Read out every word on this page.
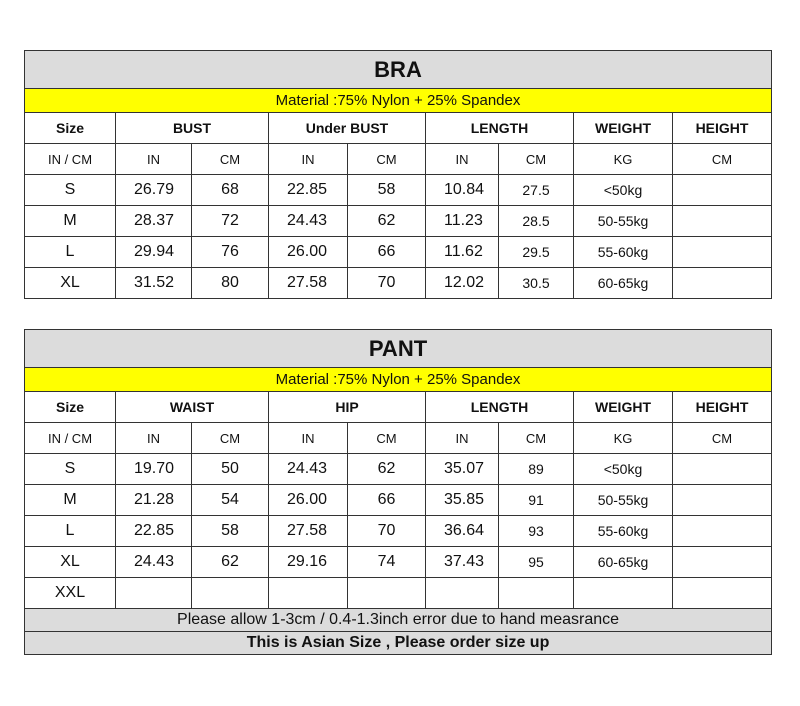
BRA								
Material :75% Nylon + 25% Spandex								
Size	BUST		Under BUST		LENGTH		WEIGHT	HEIGHT
IN / CM	IN	CM	IN	CM	IN	CM	KG	CM
S	26.79	68	22.85	58	10.84	27.5	<50kg	
M	28.37	72	24.43	62	11.23	28.5	50-55kg	
L	29.94	76	26.00	66	11.62	29.5	55-60kg	
XL	31.52	80	27.58	70	12.02	30.5	60-65kg	
PANT								
Material :75% Nylon + 25% Spandex								
Size	WAIST		HIP		LENGTH		WEIGHT	HEIGHT
IN / CM	IN	CM	IN	CM	IN	CM	KG	CM
S	19.70	50	24.43	62	35.07	89	<50kg	
M	21.28	54	26.00	66	35.85	91	50-55kg	
L	22.85	58	27.58	70	36.64	93	55-60kg	
XL	24.43	62	29.16	74	37.43	95	60-65kg	
XXL								
Please allow 1-3cm / 0.4-1.3inch error due to hand measrance								
This is Asian Size , Please order size up								
